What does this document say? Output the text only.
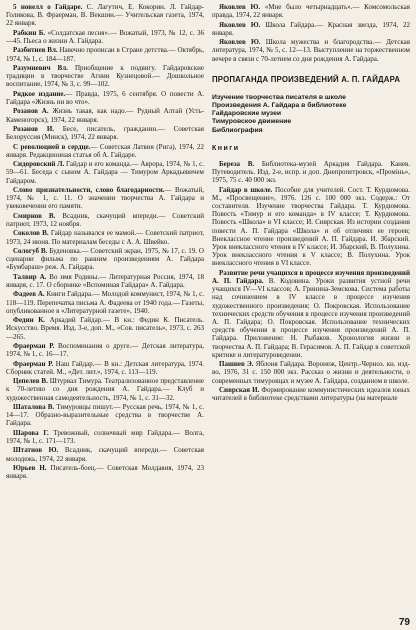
5 новелл о Гайдаре. С. Лагутич, Е. Кокорин. Л. Гайдар-Голикова, В. Фраерман, В. Векшин.— Учительская газета, 1974, 22 января.

Рабкин Б. «Солдатская песня».— Вожатый, 1973, № 12, с. 36—45. Пьеса о жизни А. Гайдара.

Разбитнев Вл. Навечно прописан в Стране детства.— Октябрь, 1974, № 1, с. 184—187.

Разумневич Вл. Приобщение к подвигу. Гайдаровские традиции в творчестве Агнии Кузнецовой.— Дошкольное воспитание, 1974, № 3, с. 99—102.

Рядкое издание.— Правда, 1975, 6 сентября. О повести А. Гайдара «Жизнь ни во что».

Розанов А. Жизнь такая, как надо.— Рудный Алтай (Усть-Каменогорск), 1974, 22 января.

Розанов И. Бесе, писатель, гражданин.— Советская Белоруссия (Минск), 1974, 22 января.

С революцией в сердце.— Советская Латвия (Рига), 1974, 22 января. Редакционная статья об А. Гайдаре.

Сидоровский Л. Гайдар и его команда.— Аврора, 1974, № 1, с. 59—61. Беседа с сыном А. Гайдара — Тимуром Аркадьевичем Гайдаром.

Слово признательности, слово благодарности.— Вожатый, 1974, № 1, с. 11. О значении творчества А. Гайдара и увековечении его памяти.

Смирнов В. Всадник, скачущий впереди.— Советский патриот, 1973, 12 ноября.

Соколов В. Гайдар назывался ее мамой.— Советский патриот, 1973, 24 июня. По материалам беседы с А. А. Швейко.

Сологуб В. Буденовка.— Советский экран, 1975, № 17, с. 19. О сценарии фильма по ранним произведениям А. Гайдара «Бумбараш» реж. А. Гайдара.

Талвир А. Во имя Родины.— Литературная Россия, 1974, 18 января, с. 17. О сборнике «Вспоминая Гайдара» А. Гайдара.

Фадеев А. Книги Гайдара.— Молодой коммунист, 1974, № 1, с. 118—119. Перепечатка письма А. Фадеева от 1940 года.— Газеты, опубликованное в «Литературной газете», 1940.

Федин К. Аркадий Гайдар.— В кн.: Федин К. Писатель. Искусство. Время. Изд. 3-е, доп. М., «Сов. писатель», 1973, с. 263—265.

Фраерман Р. Воспоминания о друге.— Детская литература, 1974, № 1, с. 16—17.

Фраерман Р. Наш Гайдар.— В кн.: Детская литература, 1974. Сборник статей. М., «Дет. лит.», 1974, с. 113—119.

Цепелев В. Штурвал Тимура. Театрализованное представление к 70-летию со дня рождения А. Гайдара.— Клуб и художественная самодеятельность, 1974, № 1, с. 31—32.

Шаталова В. Тимуровцы пишут.— Русская речь, 1974, № 1, с. 14—17. Образно-выразительные средства в творчестве А. Гайдара.

Шарова Г. Тревожный, солнечный мир Гайдара.— Волга, 1974, № 1, с. 171—173.

Штатнов Ю. Всадник, скачущий впереди.— Советская молодежь, 1974, 22 января.

Юрьев Н. Писатель-боец.— Советская Молдавия, 1974, 23 января.

Яковлев Ю. «Мне было четырнадцать».— Комсомольская правда, 1974, 22 января.

Яковлев Ю. Школа Гайдара.— Красная звезда, 1974, 22 января.

Яковлев Ю. Школа мужества и благородства.— Детская литература, 1974, № 5, с. 12—13. Выступление на торжественном вечере в связи с 70-летием со дня рождения А. Гайдара.

ПРОПАГАНДА ПРОИЗВЕДЕНИЙ А. П. ГАЙДАРА
Изучение творчества писателя в школе
Произведения А. Гайдара в библиотеке
Гайдаровские музеи
Тимуровское движение
Библиография
Книги

Береза В. Библиотека-музей Аркадия Гайдара. Канев. Путеводитель. Изд. 2-е, испр. и доп. Днепропетровск, «Промінь», 1975, 75 с. 40 000 экз.

Гайдар в школе. Пособие для учителей. Сост. Т. Курдюмова. М., «Просвещение», 1976. 126 с. 100 000 экз. Содерж.: От составителя. Изучение творчества Гайдара. Т. Курдюмова. Повесть «Тимур и его команда» в IV классе; Т. Курдюмова. Повесть «Школа» в VI классе; И. Сиврская. Из истории создания повести А. П. Гайдара «Школа» и об отличиях ее героев; Внеклассное чтение произведений А. П. Гайдара. И. Збарский. Урок внеклассного чтения в IV классе; И. Збарский, В. Полухина. Урок внеклассного чтения в V классе; В. Полухина. Урок внеклассного чтения в VI классе.

Развитие речи учащихся в процессе изучения произведений А. П. Гайдара. В. Кодовина. Уроки развития устной речи учащихся IV—VI классов; А. Гринина-Земскова. Система работы над сочинением в IV классе в процессе изучения художественного произведения; О. Покровская. Использование технических средств обучения в процессе изучения произведений А. П. Гайдара; О. Покровская. Использование технических средств обучения в процессе изучения произведений А. П. Гайдара. Приложение: Н. Рыбаков. Хронология жизни и творчества А. П. Гайдара; В. Герасимов. А. П. Гайдар в советской критике и литературоведении.

Пашнев Э. Яблоня Гайдара. Воронеж, Центр.-Черноз. кн. изд-во, 1976, 31 с. 150 000 экз. Рассказ о жизни и деятельности, о современных тимуровцах и музее А. Гайдара, созданном в школе.

Сиврская И. Формирование коммунистических идеалов юных читателей в библиотеке средствами литературы (на материале

79
